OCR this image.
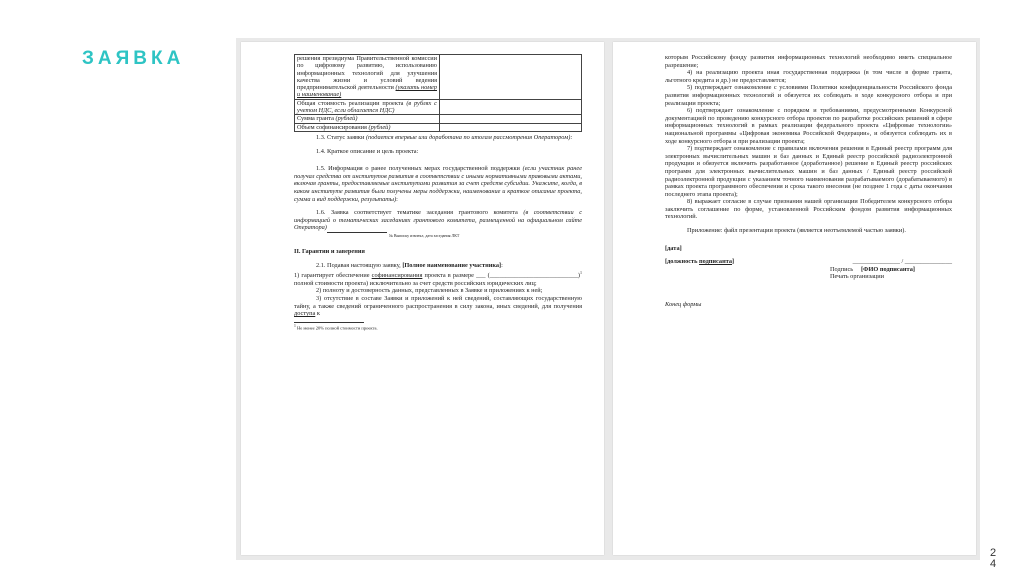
ЗАЯВКА	решения президиума Правительственной комиссии по цифровому развитию, использованию информационных технологий для улучшения качества жизни и условий ведения предпринимательской деятельности (указать номер и наименование)	
Общая стоимость реализации проекта (в рублях с учетом НДС, если облагается НДС)	
Сумма гранта (рублей)	
Объем софинансирования (рублей)	
1.3. Статус заявки (подается впервые или доработана по итогам рассмотрения Оператором):
1.4. Краткое описание и цель проекта:
1.5. Информация о ранее полученных мерах государственной поддержки (если участник ранее получал средства от институтов развития в соответствии с иными нормативными правовыми актами, включая гранты, предоставляемые институтами развития за счет средств субсидии. Укажите, когда, в каком институте развития были получены меры поддержки, наименование и краткое описание проекта, сумма и вид поддержки, результаты):
1.6. Заявка соответствует тематике заседания грантового комитета (в соответствии с информацией о тематических заседаниях грантового комитета, размещенной на официальном сайте Оператора)
№ Выписку извлекл, дата заседания ЛКТ
II. Гарантии и заверения
2.1. Подавая настоящую заявку, [Полное наименование участника]:
1) гарантирует обеспечение софинансирования проекта в размере ___ (____________________________)$^1$ полной стоимости проекта) исключительно за счет средств российских юридических лиц;
2) полноту и достоверность данных, представленных в Заявке и приложениях к ней;
3) отсутствие в составе Заявки и приложений к ней сведений, составляющих государственную тайну, а также сведений ограниченного распространения в силу закона, иных сведений, для получения доступа к
$^1$ Не менее 20% полной стоимости проекта.
которым Российскому фонду развития информационных технологий необходимо иметь специальное разрешение;
4) на реализацию проекта иная государственная поддержка (в том числе в форме гранта, льготного кредита и др.) не предоставляется;
5) подтверждает ознакомление с условиями Политики конфиденциальности Российского фонда развития информационных технологий и обязуется их соблюдать в ходе конкурсного отбора и при реализации проекта;
6) подтверждает ознакомление с порядком и требованиями, предусмотренными Конкурсной документацией по проведению конкурсного отбора проектов по разработке российских решений в сфере информационных технологий в рамках реализации федерального проекта «Цифровые технологии» национальной программы «Цифровая экономика Российской Федерации», и обязуется соблюдать их в ходе конкурсного отбора и при реализации проекта;
7) подтверждает ознакомление с правилами включения решения в Единый реестр программ для электронных вычислительных машин и баз данных и Единый реестр российской радиоэлектронной продукции и обязуется включить разработанное (доработанное) решение в Единый реестр российских программ для электронных вычислительных машин и баз данных / Единый реестр российской радиоэлектронной продукции с указанием точного наименования разрабатываемого (дорабатываемого) в рамках проекта программного обеспечения и срока такого внесения (не позднее 1 года с даты окончания последнего этапа проекта);
8) выражает согласие в случае признания нашей организации Победителем конкурсного отбора заключить соглашение по форме, установленной Российским фондом развития информационных технологий.
Приложение: файл презентации проекта (является неотъемлемой частью заявки).
[дата]
[должность подписанта]	_______________ / _______________
Подпись [ФИО подписанта]
Печать организации
Конец формы
24
